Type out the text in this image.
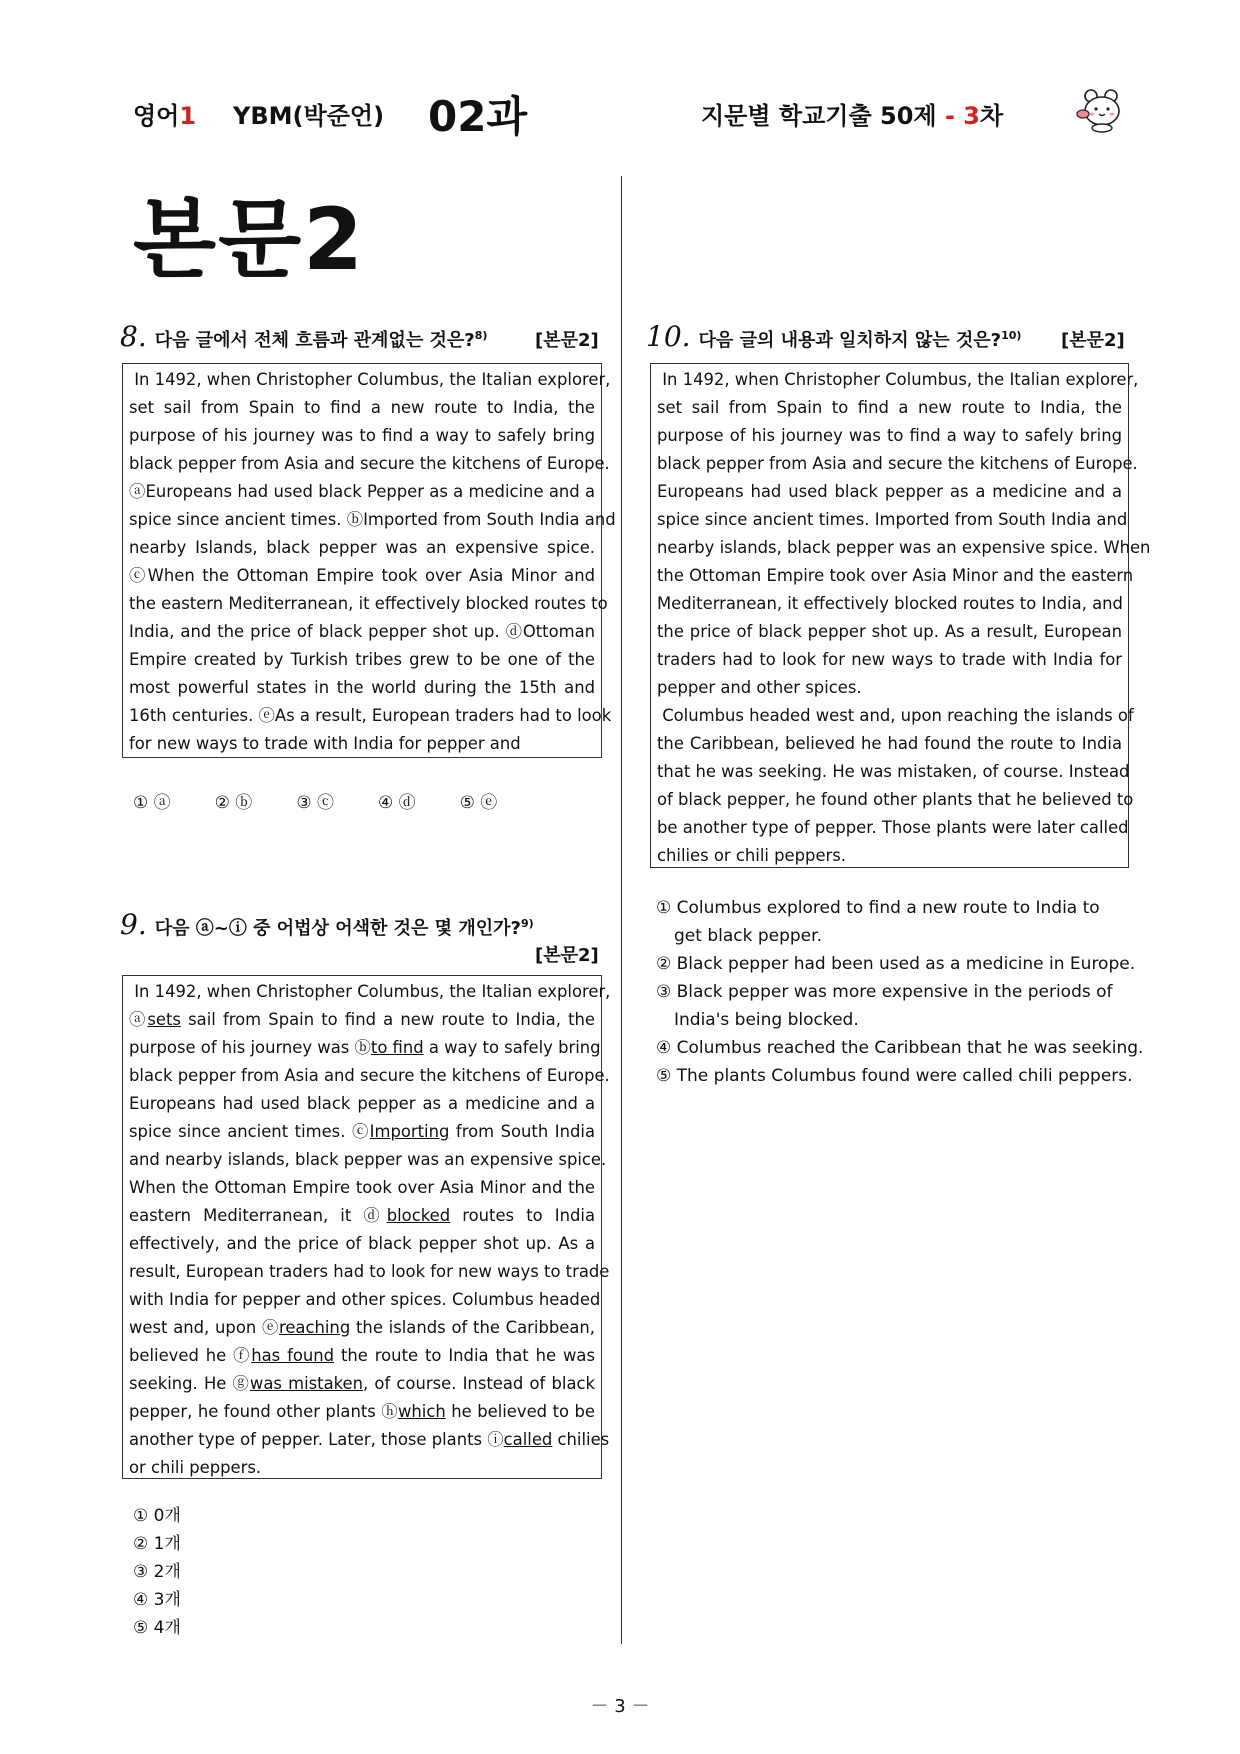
영어1 YBM(박준언) 02과	지문별 학교기출 50제 - 3차
본문2
8. 다음 글에서 전체 흐름과 관계없는 것은?$^{8)}$	[본문2]
In 1492, when Christopher Columbus, the Italian explorer,
set sail from Spain to find a new route to India, the
purpose of his journey was to find a way to safely bring
black pepper from Asia and secure the kitchens of Europe.
ⓐEuropeans had used black Pepper as a medicine and a
spice since ancient times. ⓑImported from South India and
nearby Islands, black pepper was an expensive spice.
ⓒWhen the Ottoman Empire took over Asia Minor and
the eastern Mediterranean, it effectively blocked routes to
India, and the price of black pepper shot up. ⓓOttoman
Empire created by Turkish tribes grew to be one of the
most powerful states in the world during the 15th and
16th centuries. ⓔAs a result, European traders had to look
for new ways to trade with India for pepper and
① ⓐ	② ⓑ	③ ⓒ	④ ⓓ	⑤ ⓔ
9. 다음 ⓐ~ⓘ 중 어법상 어색한 것은 몇 개인가?$^{9)}$
[본문2]
In 1492, when Christopher Columbus, the Italian explorer,
ⓐsets sail from Spain to find a new route to India, the
purpose of his journey was ⓑto find a way to safely bring
black pepper from Asia and secure the kitchens of Europe.
Europeans had used black pepper as a medicine and a
spice since ancient times. ⓒImporting from South India
and nearby islands, black pepper was an expensive spice.
When the Ottoman Empire took over Asia Minor and the
eastern Mediterranean, it ⓓblocked routes to India
effectively, and the price of black pepper shot up. As a
result, European traders had to look for new ways to trade
with India for pepper and other spices. Columbus headed
west and, upon ⓔreaching the islands of the Caribbean,
believed he ⓕhas found the route to India that he was
seeking. He ⓖwas mistaken, of course. Instead of black
pepper, he found other plants ⓗwhich he believed to be
another type of pepper. Later, those plants ⓘcalled chilies
or chili peppers.
① 0개
② 1개
③ 2개
④ 3개
⑤ 4개
10. 다음 글의 내용과 일치하지 않는 것은?$^{10)}$ [본문2]
In 1492, when Christopher Columbus, the Italian explorer,
set sail from Spain to find a new route to India, the
purpose of his journey was to find a way to safely bring
black pepper from Asia and secure the kitchens of Europe.
Europeans had used black pepper as a medicine and a
spice since ancient times. Imported from South India and
nearby islands, black pepper was an expensive spice. When
the Ottoman Empire took over Asia Minor and the eastern
Mediterranean, it effectively blocked routes to India, and
the price of black pepper shot up. As a result, European
traders had to look for new ways to trade with India for
pepper and other spices.
Columbus headed west and, upon reaching the islands of
the Caribbean, believed he had found the route to India
that he was seeking. He was mistaken, of course. Instead
of black pepper, he found other plants that he believed to
be another type of pepper. Those plants were later called
chilies or chili peppers.
① Columbus explored to find a new route to India to
get black pepper.
② Black pepper had been used as a medicine in Europe.
③ Black pepper was more expensive in the periods of
India's being blocked.
④ Columbus reached the Caribbean that he was seeking.
⑤ The plants Columbus found were called chili peppers.
－ 3 －
